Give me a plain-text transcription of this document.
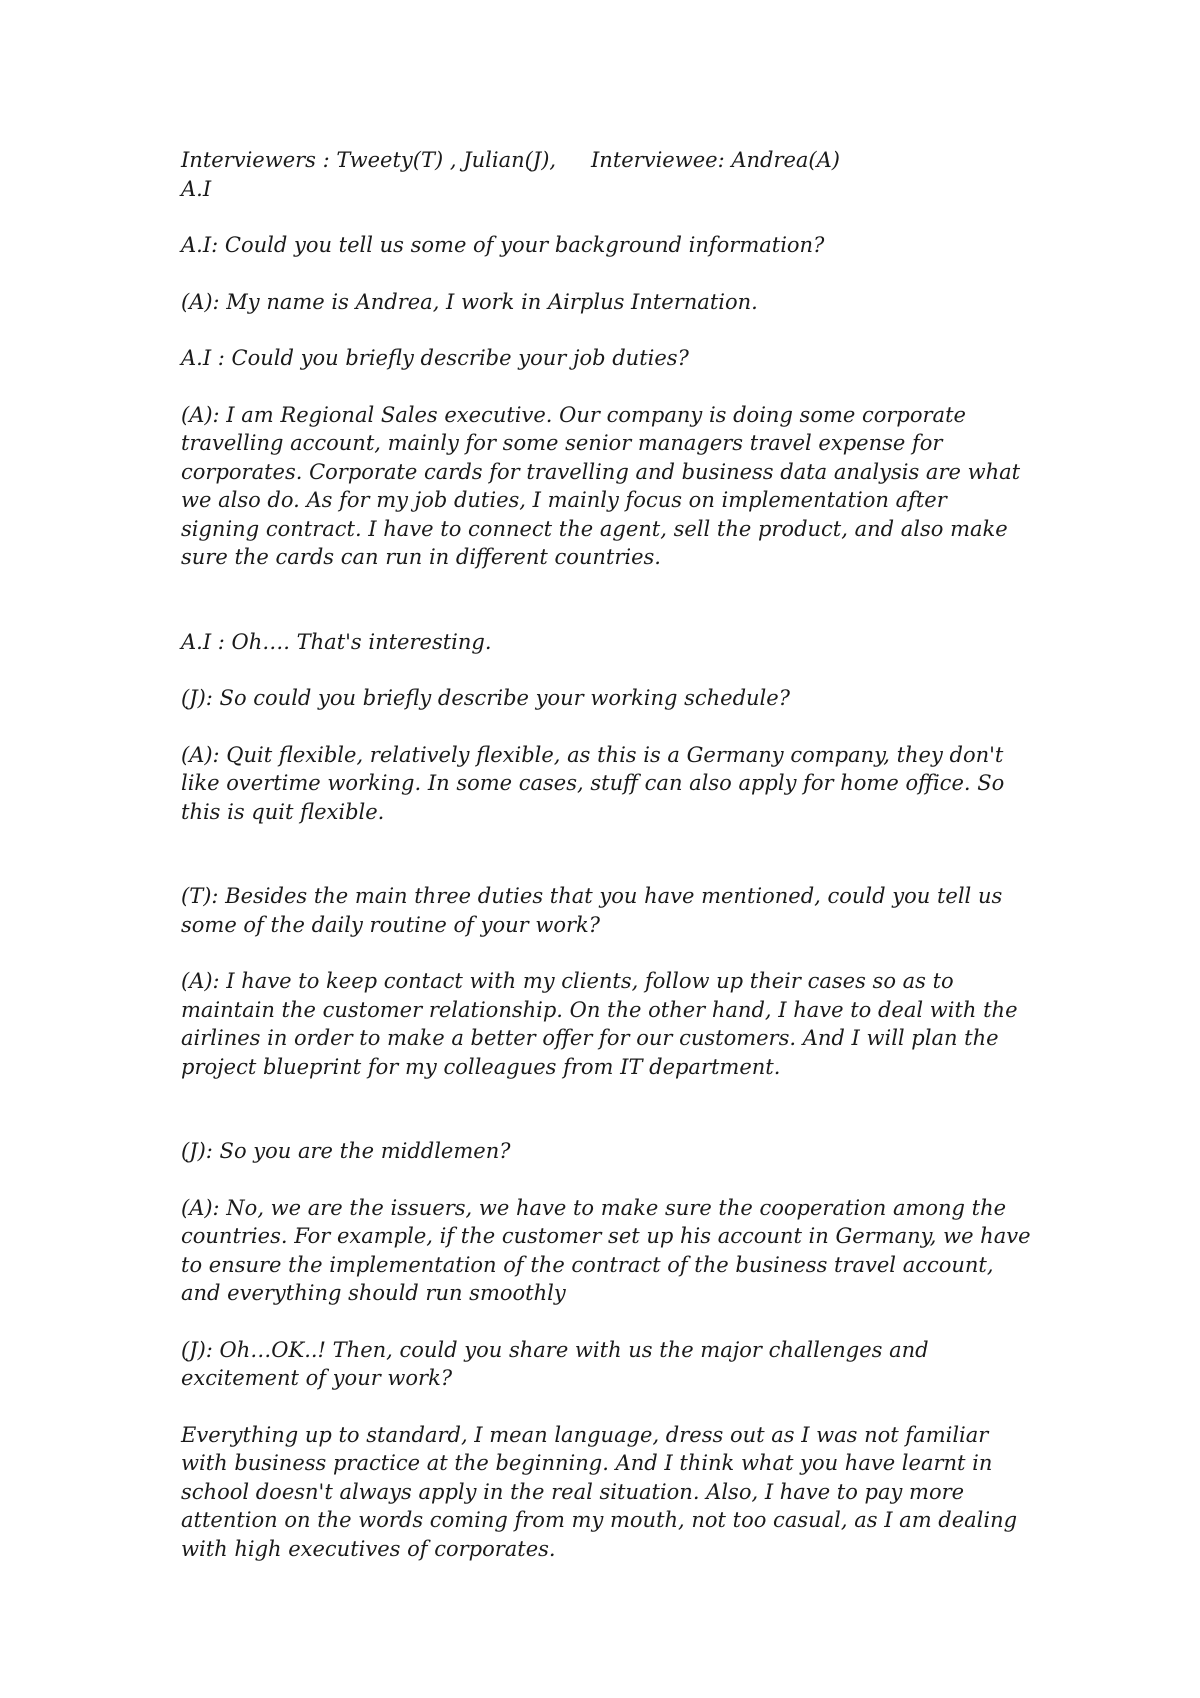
Interviewers : Tweety(T) , Julian(J), A.I
Interviewee: Andrea(A)

A.I: Could you tell us some of your background information?

(A): My name is Andrea, I work in Airplus Internation.

A.I : Could you briefly describe your job duties?

(A): I am Regional Sales executive. Our company is doing some corporate travelling account, mainly for some senior managers travel expense for corporates. Corporate cards for travelling and business data analysis are what we also do. As for my job duties, I mainly focus on implementation after signing contract. I have to connect the agent, sell the product, and also make sure the cards can run in different countries.

A.I : Oh…. That's interesting.

(J): So could you briefly describe your working schedule?

(A): Quit flexible, relatively flexible, as this is a Germany company, they don't like overtime working. In some cases, stuff can also apply for home office. So this is quit flexible.

(T): Besides the main three duties that you have mentioned, could you tell us some of the daily routine of your work?

(A): I have to keep contact with my clients, follow up their cases so as to maintain the customer relationship. On the other hand, I have to deal with the airlines in order to make a better offer for our customers. And I will plan the project blueprint for my colleagues from IT department.

(J): So you are the middlemen?

(A): No, we are the issuers, we have to make sure the cooperation among the countries. For example, if the customer set up his account in Germany, we have to ensure the implementation of the contract of the business travel account, and everything should run smoothly

(J): Oh…OK..! Then, could you share with us the major challenges and excitement of your work?

Everything up to standard, I mean language, dress out as I was not familiar with business practice at the beginning. And I think what you have learnt in school doesn't always apply in the real situation. Also, I have to pay more attention on the words coming from my mouth, not too casual, as I am dealing with high executives of corporates.
